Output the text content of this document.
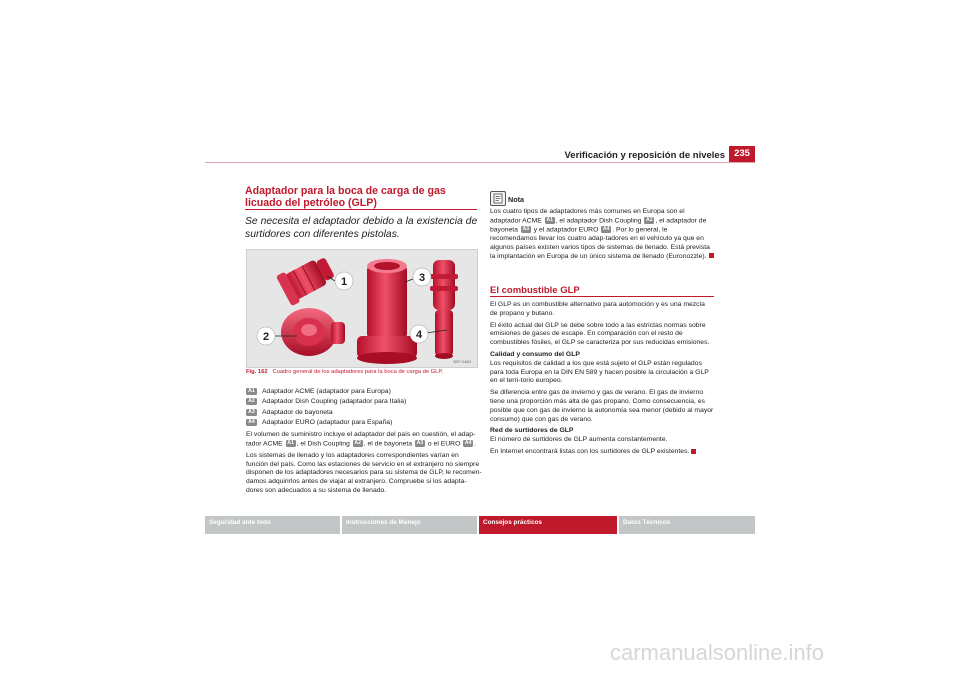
Verificación y reposición de niveles 235
Adaptador para la boca de carga de gas licuado del petróleo (GLP)
Se necesita el adaptador debido a la existencia de surtidores con diferentes pistolas.
1
2
3
4
B5F-0484
Fig. 162 Cuadro general de los adaptadores para la boca de carga de GLP.
A1	Adaptador ACME (adaptador para Europa)
A2	Adaptador Dish Coupling (adaptador para Italia)
A3	Adaptador de bayoneta
A4	Adaptador EURO (adaptador para España)

El volumen de suministro incluye el adaptador del país en cuestión, el adap-tador ACME A1 , el Dish Coupling A2 , el de bayoneta A3 o el EURO A4 .

Los sistemas de llenado y los adaptadores correspondientes varían en función del país. Como las estaciones de servicio en el extranjero no siempre disponen de los adaptadores necesarios para su sistema de GLP, le recomen-damos adquirirlos antes de viajar al extranjero. Compruebe si los adapta-dores son adecuados a su sistema de llenado.

Nota

Los cuatro tipos de adaptadores más comunes en Europa son el adaptador ACME A1 , el adaptador Dish Coupling A2 , el adaptador de bayoneta A3 y el adaptador EURO A4 . Por lo general, le recomendamos llevar los cuatro adap-tadores en el vehículo ya que en algunos países existen varios tipos de sistemas de llenado. Está prevista la implantación en Europa de un único sistema de llenado (Euronozzle).

El combustible GLP

El GLP es un combustible alternativo para automoción y es una mezcla de propano y butano.

El éxito actual del GLP se debe sobre todo a las estrictas normas sobre emisiones de gases de escape. En comparación con el resto de combustibles fósiles, el GLP se caracteriza por sus reducidas emisiones.

Calidad y consumo del GLP

Los requisitos de calidad a los que está sujeto el GLP están regulados para toda Europa en la DIN EN 589 y hacen posible la circulación a GLP en el terri-torio europeo.

Se diferencia entre gas de invierno y gas de verano. El gas de invierno tiene una proporción más alta de gas propano. Como consecuencia, es posible que con gas de invierno la autonomía sea menor (debido al mayor consumo) que con gas de verano.

Red de surtidores de GLP

El número de surtidores de GLP aumenta constantemente.

En Internet encontrará listas con los surtidores de GLP existentes.

Seguridad ante todo	Instrucciones de Manejo	Consejos prácticos	Datos Técnicos
carmanualsonline.info
